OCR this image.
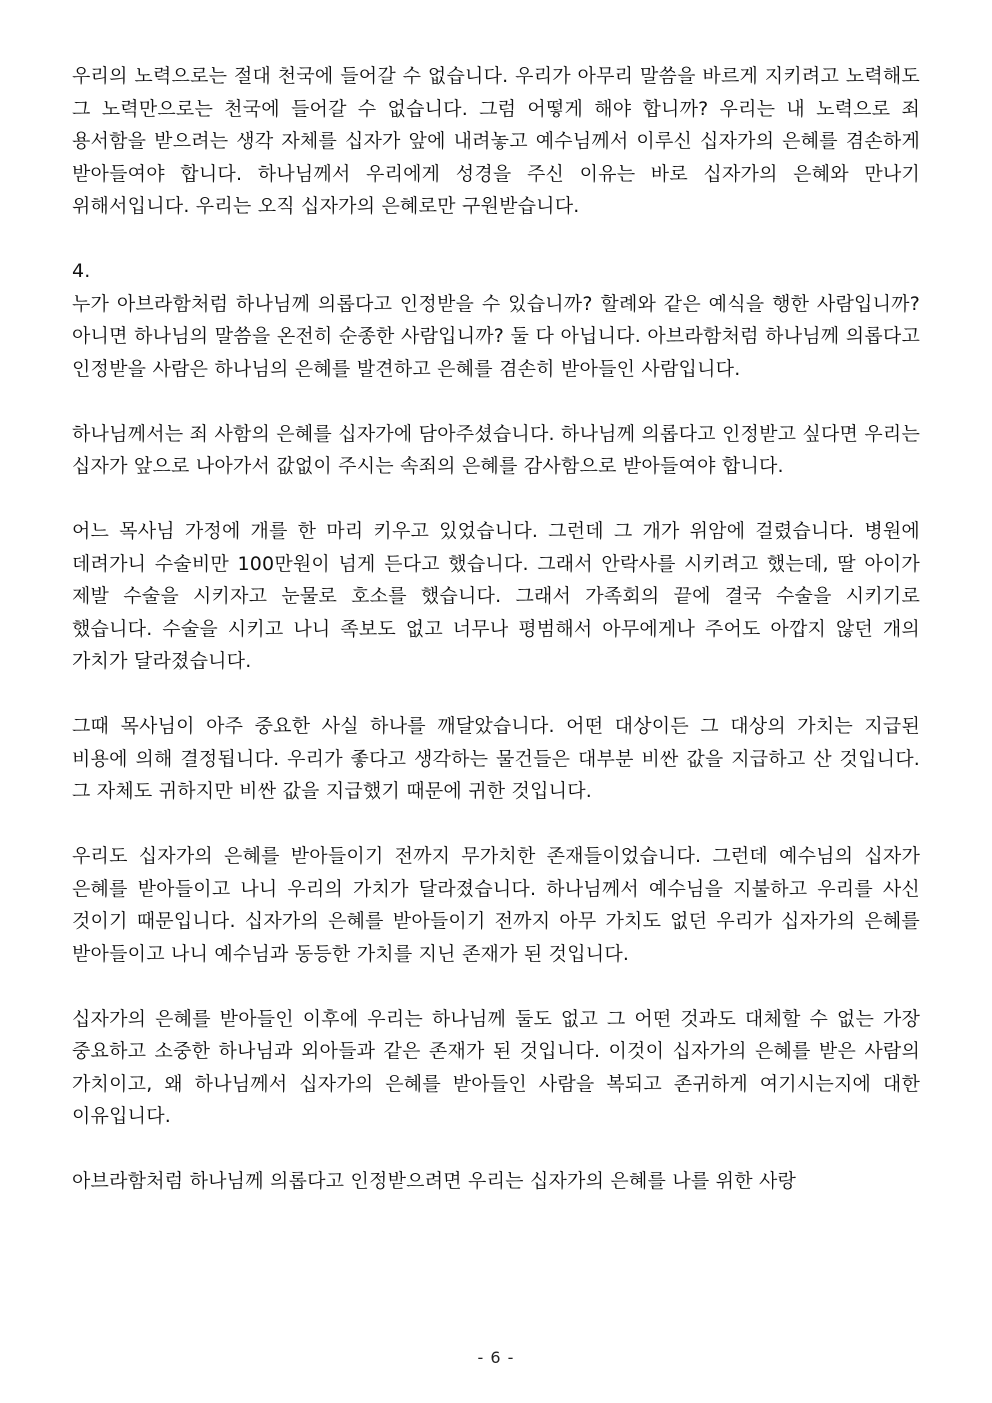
우리의 노력으로는 절대 천국에 들어갈 수 없습니다. 우리가 아무리 말씀을 바르게 지키려고 노력해도 그 노력만으로는 천국에 들어갈 수 없습니다. 그럼 어떻게 해야 합니까? 우리는 내 노력으로 죄 용서함을 받으려는 생각 자체를 십자가 앞에 내려놓고 예수님께서 이루신 십자가의 은혜를 겸손하게 받아들여야 합니다. 하나님께서 우리에게 성경을 주신 이유는 바로 십자가의 은혜와 만나기 위해서입니다. 우리는 오직 십자가의 은혜로만 구원받습니다.

4.

누가 아브라함처럼 하나님께 의롭다고 인정받을 수 있습니까? 할례와 같은 예식을 행한 사람입니까? 아니면 하나님의 말씀을 온전히 순종한 사람입니까? 둘 다 아닙니다. 아브라함처럼 하나님께 의롭다고 인정받을 사람은 하나님의 은혜를 발견하고 은혜를 겸손히 받아들인 사람입니다.

하나님께서는 죄 사함의 은혜를 십자가에 담아주셨습니다. 하나님께 의롭다고 인정받고 싶다면 우리는 십자가 앞으로 나아가서 값없이 주시는 속죄의 은혜를 감사함으로 받아들여야 합니다.

어느 목사님 가정에 개를 한 마리 키우고 있었습니다. 그런데 그 개가 위암에 걸렸습니다. 병원에 데려가니 수술비만 100만원이 넘게 든다고 했습니다. 그래서 안락사를 시키려고 했는데, 딸 아이가 제발 수술을 시키자고 눈물로 호소를 했습니다. 그래서 가족회의 끝에 결국 수술을 시키기로 했습니다. 수술을 시키고 나니 족보도 없고 너무나 평범해서 아무에게나 주어도 아깝지 않던 개의 가치가 달라졌습니다.

그때 목사님이 아주 중요한 사실 하나를 깨달았습니다. 어떤 대상이든 그 대상의 가치는 지급된 비용에 의해 결정됩니다. 우리가 좋다고 생각하는 물건들은 대부분 비싼 값을 지급하고 산 것입니다. 그 자체도 귀하지만 비싼 값을 지급했기 때문에 귀한 것입니다.

우리도 십자가의 은혜를 받아들이기 전까지 무가치한 존재들이었습니다. 그런데 예수님의 십자가 은혜를 받아들이고 나니 우리의 가치가 달라졌습니다. 하나님께서 예수님을 지불하고 우리를 사신 것이기 때문입니다. 십자가의 은혜를 받아들이기 전까지 아무 가치도 없던 우리가 십자가의 은혜를 받아들이고 나니 예수님과 동등한 가치를 지닌 존재가 된 것입니다.

십자가의 은혜를 받아들인 이후에 우리는 하나님께 둘도 없고 그 어떤 것과도 대체할 수 없는 가장 중요하고 소중한 하나님과 외아들과 같은 존재가 된 것입니다. 이것이 십자가의 은혜를 받은 사람의 가치이고, 왜 하나님께서 십자가의 은혜를 받아들인 사람을 복되고 존귀하게 여기시는지에 대한 이유입니다.

아브라함처럼 하나님께 의롭다고 인정받으려면 우리는 십자가의 은혜를 나를 위한 사랑

- 6 -
